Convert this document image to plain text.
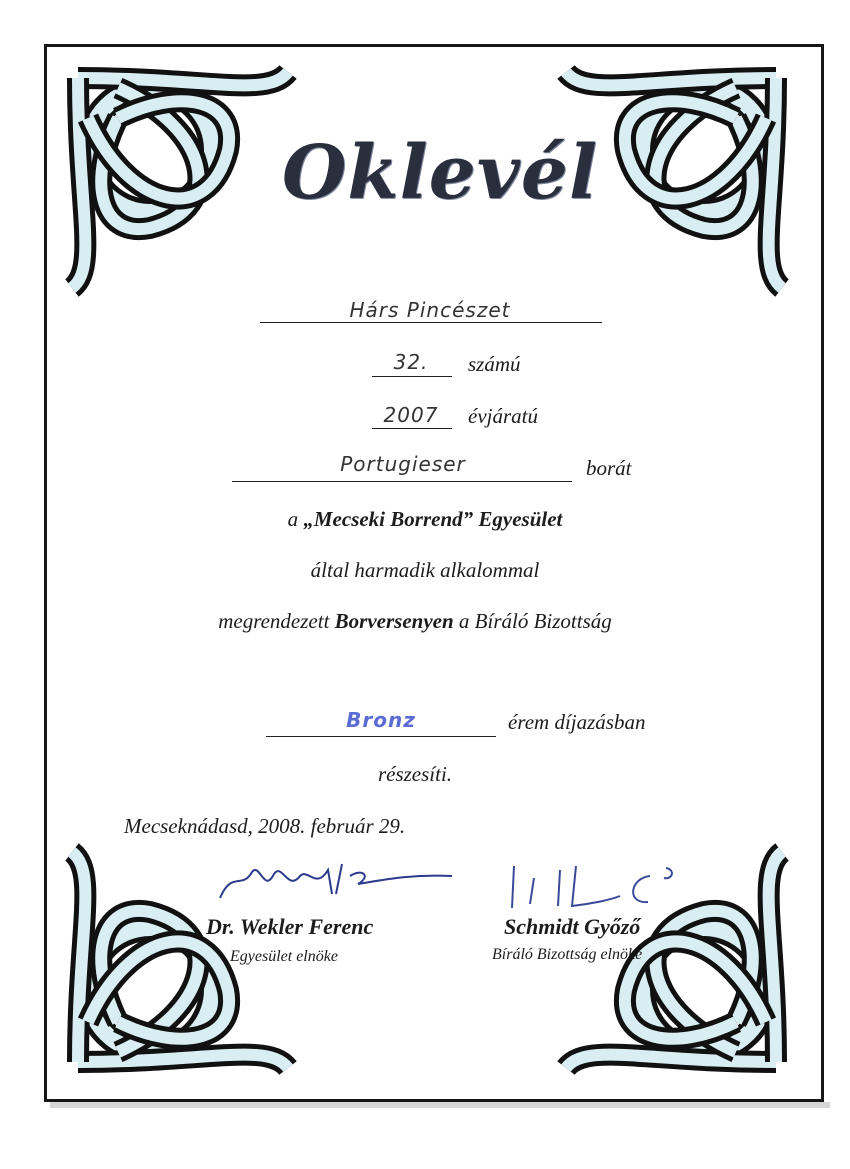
Oklevél
Hárs Pincészet
32.	számú
2007	évjáratú
Portugieser	borát
a „Mecseki Borrend” Egyesület
által harmadik alkalommal
megrendezett Borversenyen a Bíráló Bizottság
Bronz	érem díjazásban
részesíti.
Mecseknádasd, 2008. február 29.
Dr. Wekler Ferenc
Egyesület elnöke
Schmidt Győző
Bíráló Bizottság elnöke
